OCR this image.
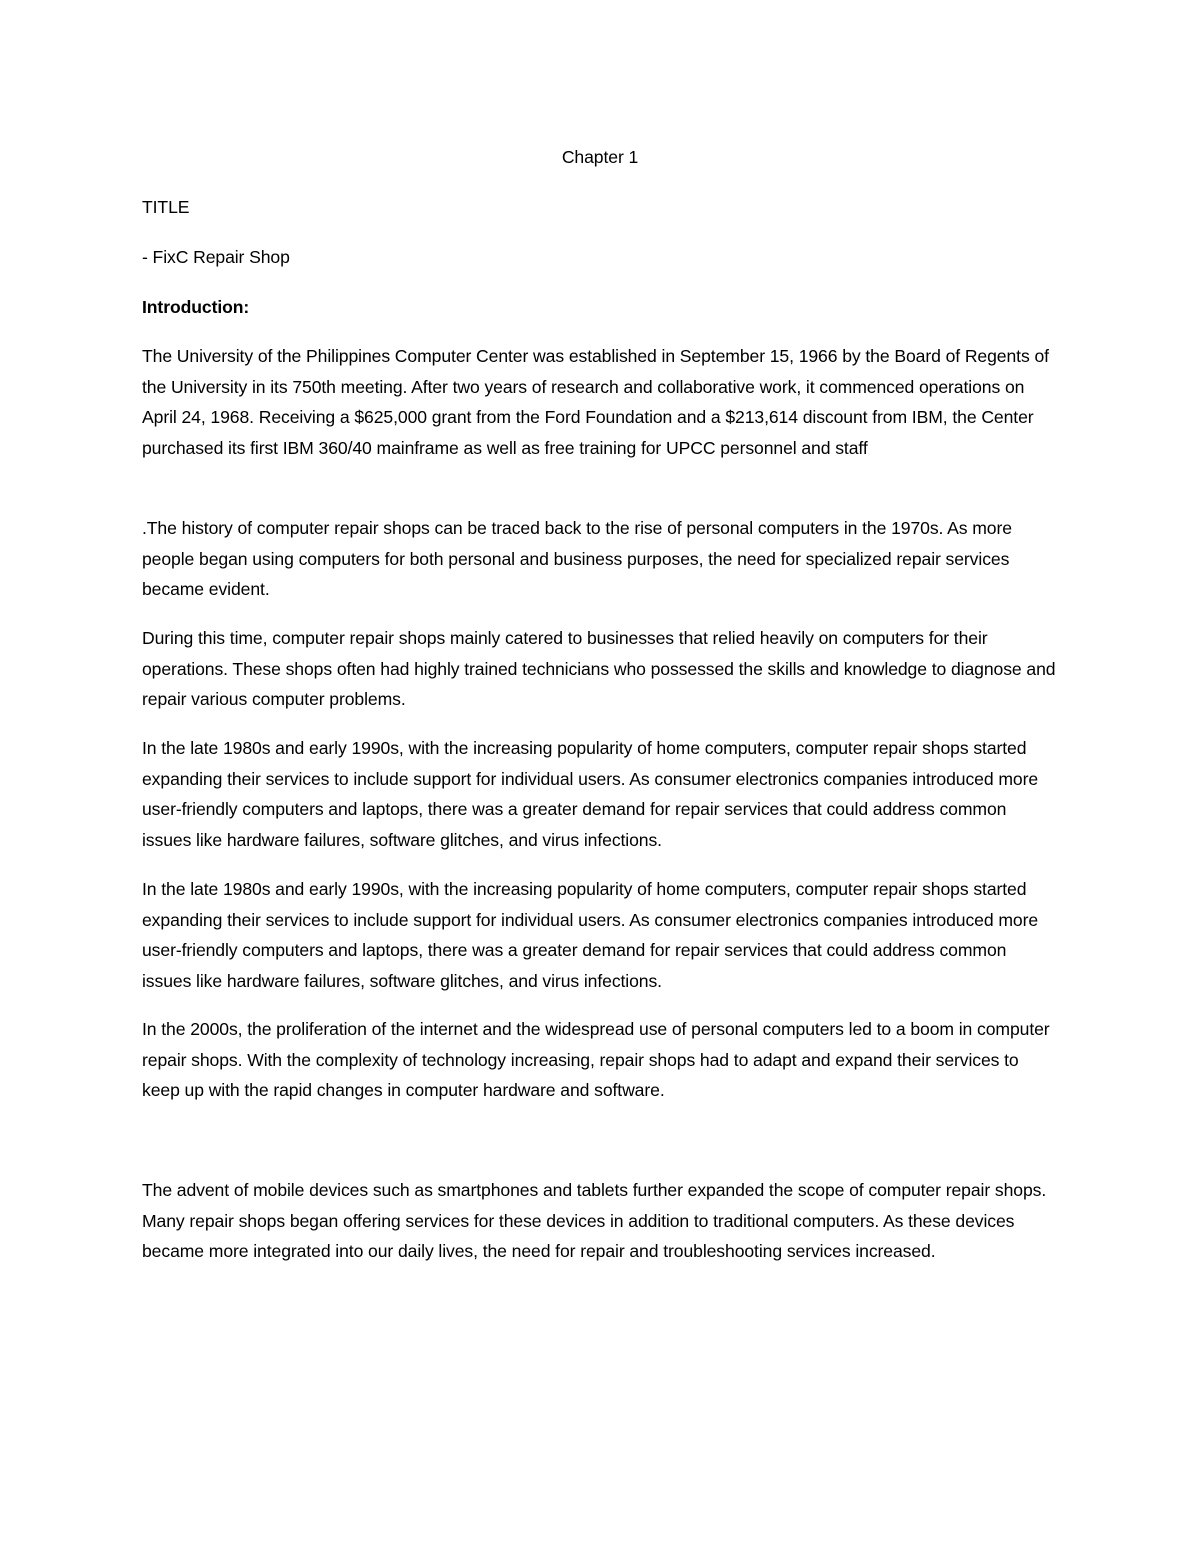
Chapter 1

TITLE

- FixC Repair Shop

Introduction:

The University of the Philippines Computer Center was established in September 15, 1966 by the Board of Regents of the University in its 750th meeting. After two years of research and collaborative work, it commenced operations on April 24, 1968. Receiving a $625,000 grant from the Ford Foundation and a $213,614 discount from IBM, the Center purchased its first IBM 360/40 mainframe as well as free training for UPCC personnel and staff

.The history of computer repair shops can be traced back to the rise of personal computers in the 1970s. As more people began using computers for both personal and business purposes, the need for specialized repair services became evident.

During this time, computer repair shops mainly catered to businesses that relied heavily on computers for their operations. These shops often had highly trained technicians who possessed the skills and knowledge to diagnose and repair various computer problems.

In the late 1980s and early 1990s, with the increasing popularity of home computers, computer repair shops started expanding their services to include support for individual users. As consumer electronics companies introduced more user-friendly computers and laptops, there was a greater demand for repair services that could address common issues like hardware failures, software glitches, and virus infections.

In the late 1980s and early 1990s, with the increasing popularity of home computers, computer repair shops started expanding their services to include support for individual users. As consumer electronics companies introduced more user-friendly computers and laptops, there was a greater demand for repair services that could address common issues like hardware failures, software glitches, and virus infections.

In the 2000s, the proliferation of the internet and the widespread use of personal computers led to a boom in computer repair shops. With the complexity of technology increasing, repair shops had to adapt and expand their services to keep up with the rapid changes in computer hardware and software.

The advent of mobile devices such as smartphones and tablets further expanded the scope of computer repair shops. Many repair shops began offering services for these devices in addition to traditional computers. As these devices became more integrated into our daily lives, the need for repair and troubleshooting services increased.
